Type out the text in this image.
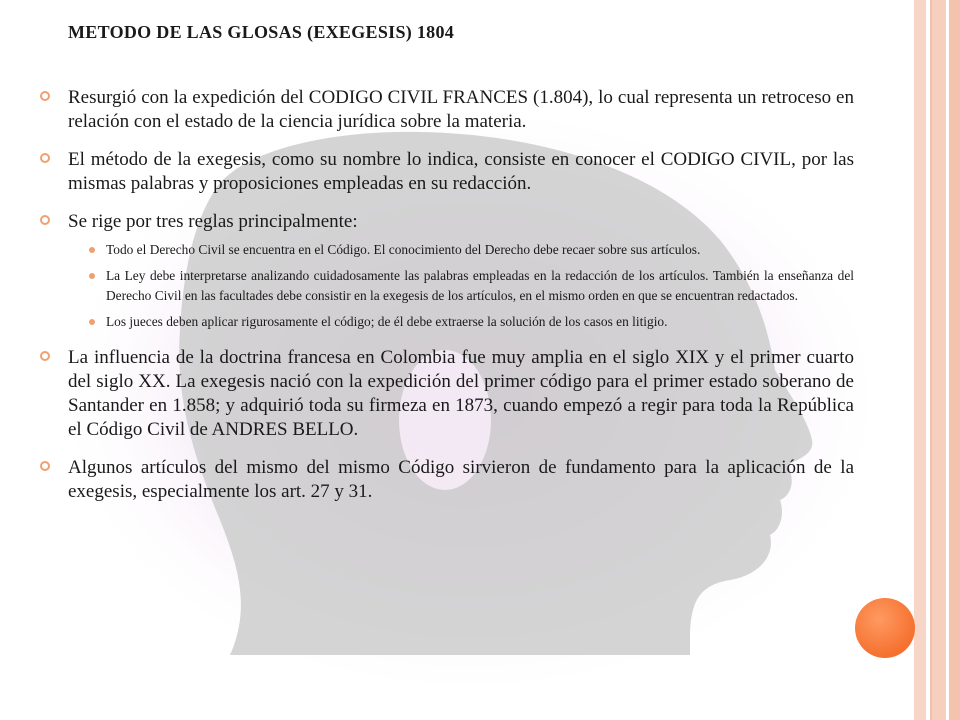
METODO DE LAS GLOSAS (EXEGESIS) 1804
Resurgió con la expedición del CODIGO CIVIL FRANCES (1.804), lo cual representa un retroceso en relación con el estado de la ciencia jurídica sobre la materia.
El método de la exegesis, como su nombre lo indica, consiste en conocer el CODIGO CIVIL, por las mismas palabras y proposiciones empleadas en su redacción.
Se rige por tres reglas principalmente:
Todo el Derecho Civil se encuentra en el Código. El conocimiento del Derecho debe recaer sobre sus artículos.
La Ley debe interpretarse analizando cuidadosamente las palabras empleadas en la redacción de los artículos. También la enseñanza del Derecho Civil en las facultades debe consistir en la exegesis de los artículos, en el mismo orden en que se encuentran redactados.
Los jueces deben aplicar rigurosamente el código; de él debe extraerse la solución de los casos en litigio.
La influencia de la doctrina francesa en Colombia fue muy amplia en el siglo XIX y el primer cuarto del siglo XX. La exegesis nació con la expedición del primer código para el primer estado soberano de Santander en 1.858; y adquirió toda su firmeza en 1873, cuando empezó a regir para toda la República el Código Civil de ANDRES BELLO.
Algunos artículos del mismo del mismo Código sirvieron de fundamento para la aplicación de la exegesis, especialmente los art. 27 y 31.
